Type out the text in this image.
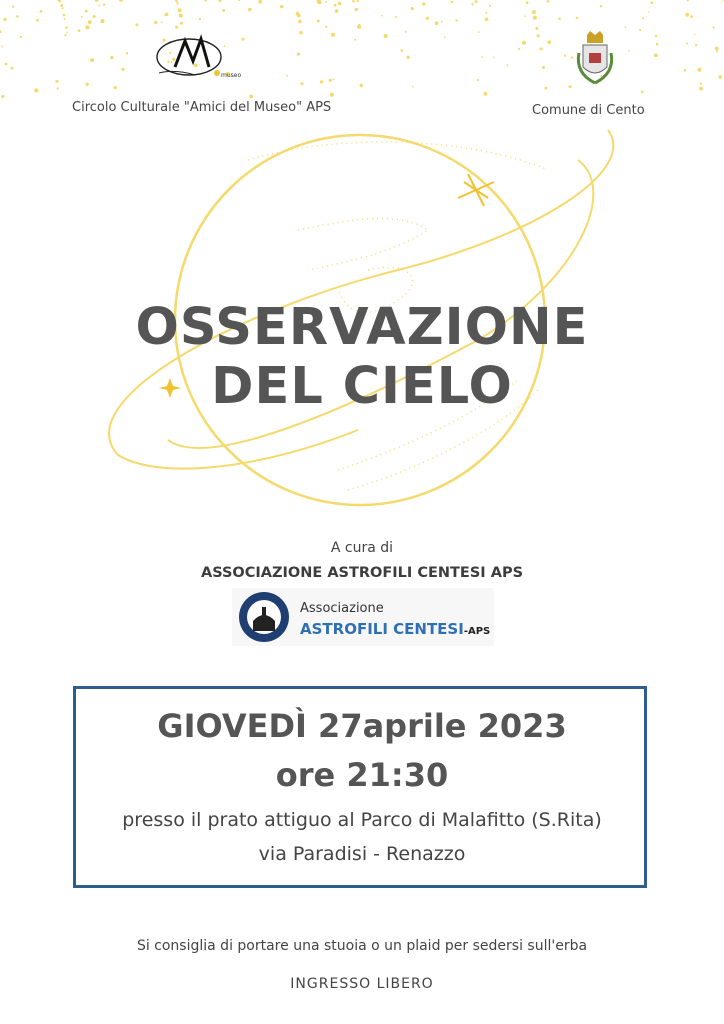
museo
Circolo Culturale "Amici del Museo" APS	Comune di Cento
OSSERVAZIONE
DEL CIELO
A cura di
ASSOCIAZIONE ASTROFILI CENTESI APS
Associazione
ASTROFILI CENTESI-APS
GIOVEDÌ 27aprile 2023
ore 21:30
presso il prato attiguo al Parco di Malafitto (S.Rita)
via Paradisi - Renazzo
Si consiglia di portare una stuoia o un plaid per sedersi sull'erba
INGRESSO LIBERO
